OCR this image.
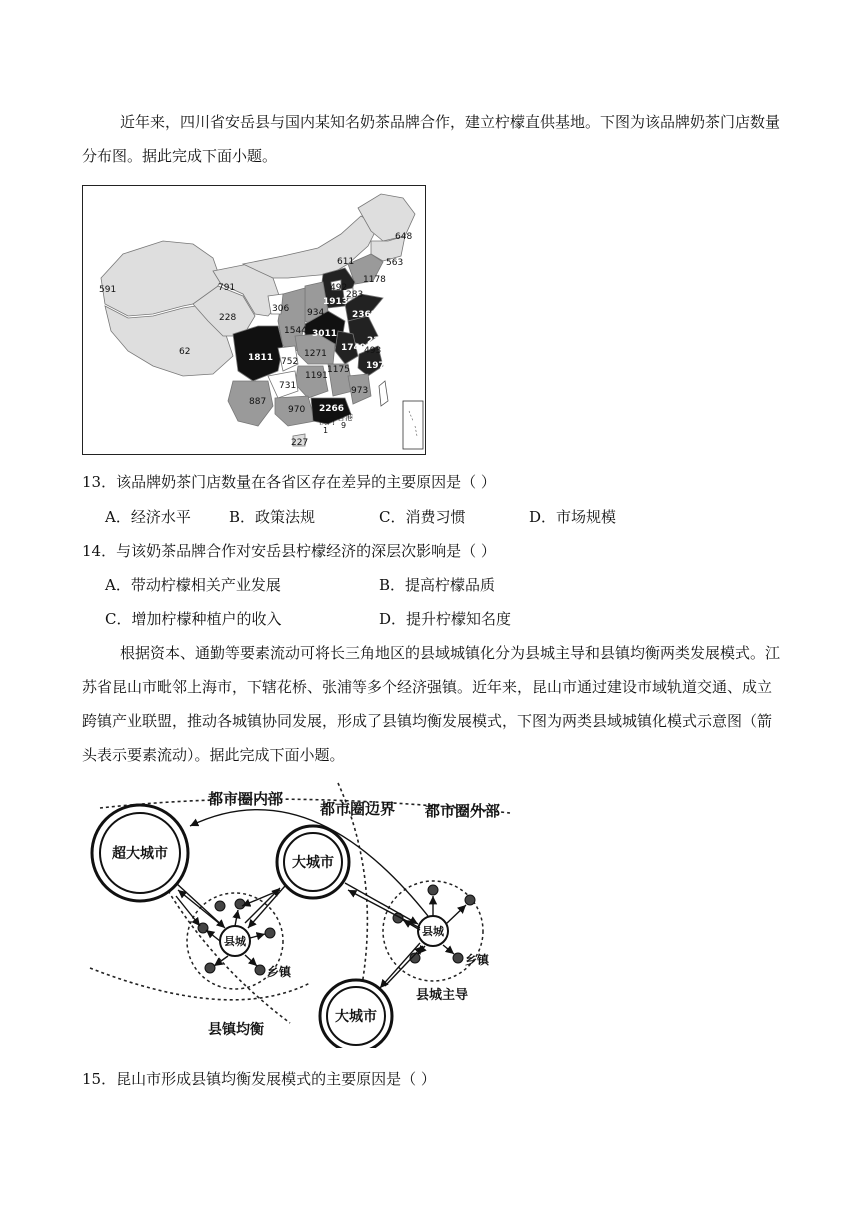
近年来，四川省安岳县与国内某知名奶茶品牌合作，建立柠檬直供基地。下图为该品牌奶茶门店数量
分布图。据此完成下面小题。
648
563
1178
611
492
283
1913
934	2362
591	791
228
306
1544 3011
2315
493
62	1271
1749
1811 752	1970
1175
1191
731	973
887
970 2266
香港
9
澳门
1
227
13．该品牌奶茶门店数量在各省区存在差异的主要原因是（ ）
A．经济水平	B．政策法规	C．消费习惯	D．市场规模
14．与该奶茶品牌合作对安岳县柠檬经济的深层次影响是（ ）
A．带动柠檬相关产业发展	B．提高柠檬品质
C．增加柠檬种植户的收入	D．提升柠檬知名度
根据资本、通勤等要素流动可将长三角地区的县域城镇化分为县城主导和县镇均衡两类发展模式。江
苏省昆山市毗邻上海市，下辖花桥、张浦等多个经济强镇。近年来，昆山市通过建设市域轨道交通、成立
跨镇产业联盟，推动各城镇协同发展，形成了县镇均衡发展模式，下图为两类县域城镇化模式示意图（箭
头表示要素流动）。据此完成下面小题。
都市圈内部
都市圈边界 都市圈外部
超大城市
大城市
大城市
县城
县城
乡镇
乡镇
县镇均衡
县城主导
15．昆山市形成县镇均衡发展模式的主要原因是（ ）
